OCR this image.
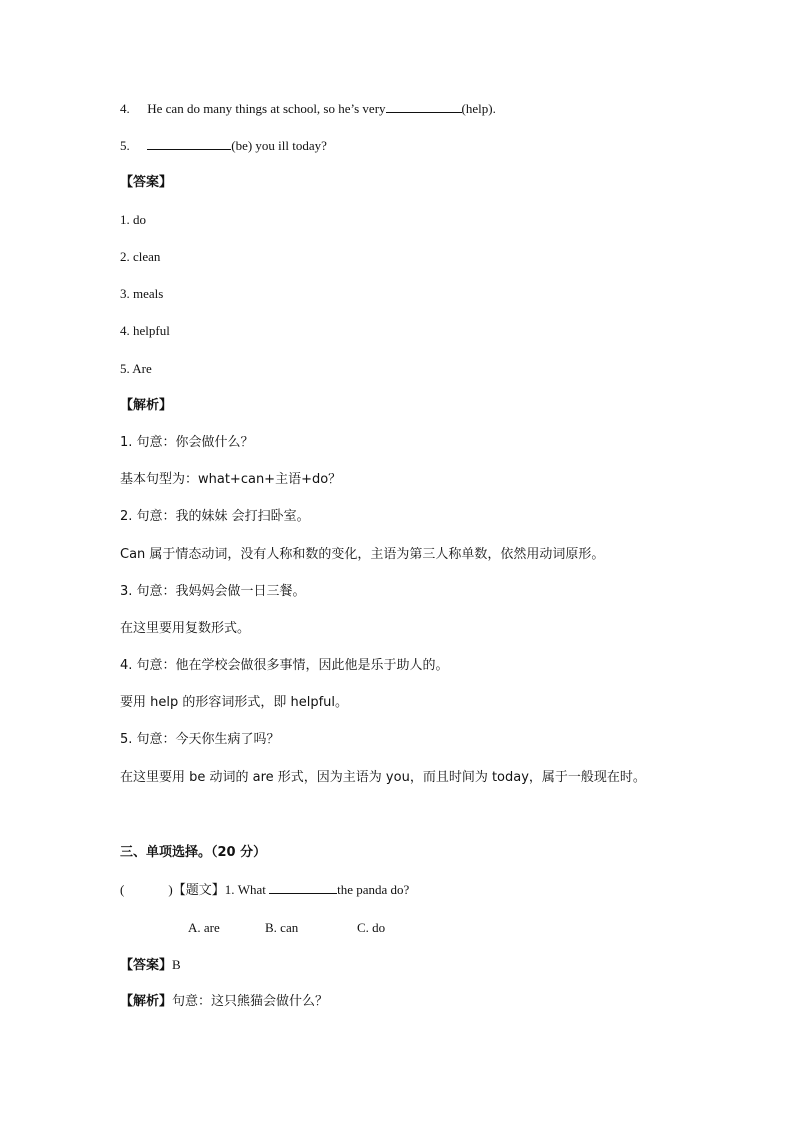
4. He can do many things at school, so he’s very	(help).
5.	(be) you ill today?
【答案】
1. do
2. clean
3. meals
4. helpful
5. Are
【解析】
1. 句意：你会做什么？
基本句型为：what+can+主语+do？
2. 句意：我的妹妹 会打扫卧室。
Can 属于情态动词，没有人称和数的变化，主语为第三人称单数，依然用动词原形。
3. 句意：我妈妈会做一日三餐。
在这里要用复数形式。
4. 句意：他在学校会做很多事情，因此他是乐于助人的。
要用 help 的形容词形式，即 helpful。
5. 句意：今天你生病了吗？
在这里要用 be 动词的 are 形式，因为主语为 you，而且时间为 today，属于一般现在时。
三、单项选择。（20 分）
(	)【题文】1. What	the panda do?
A. are	B. can	C. do
【答案】B
【解析】句意：这只熊猫会做什么？
